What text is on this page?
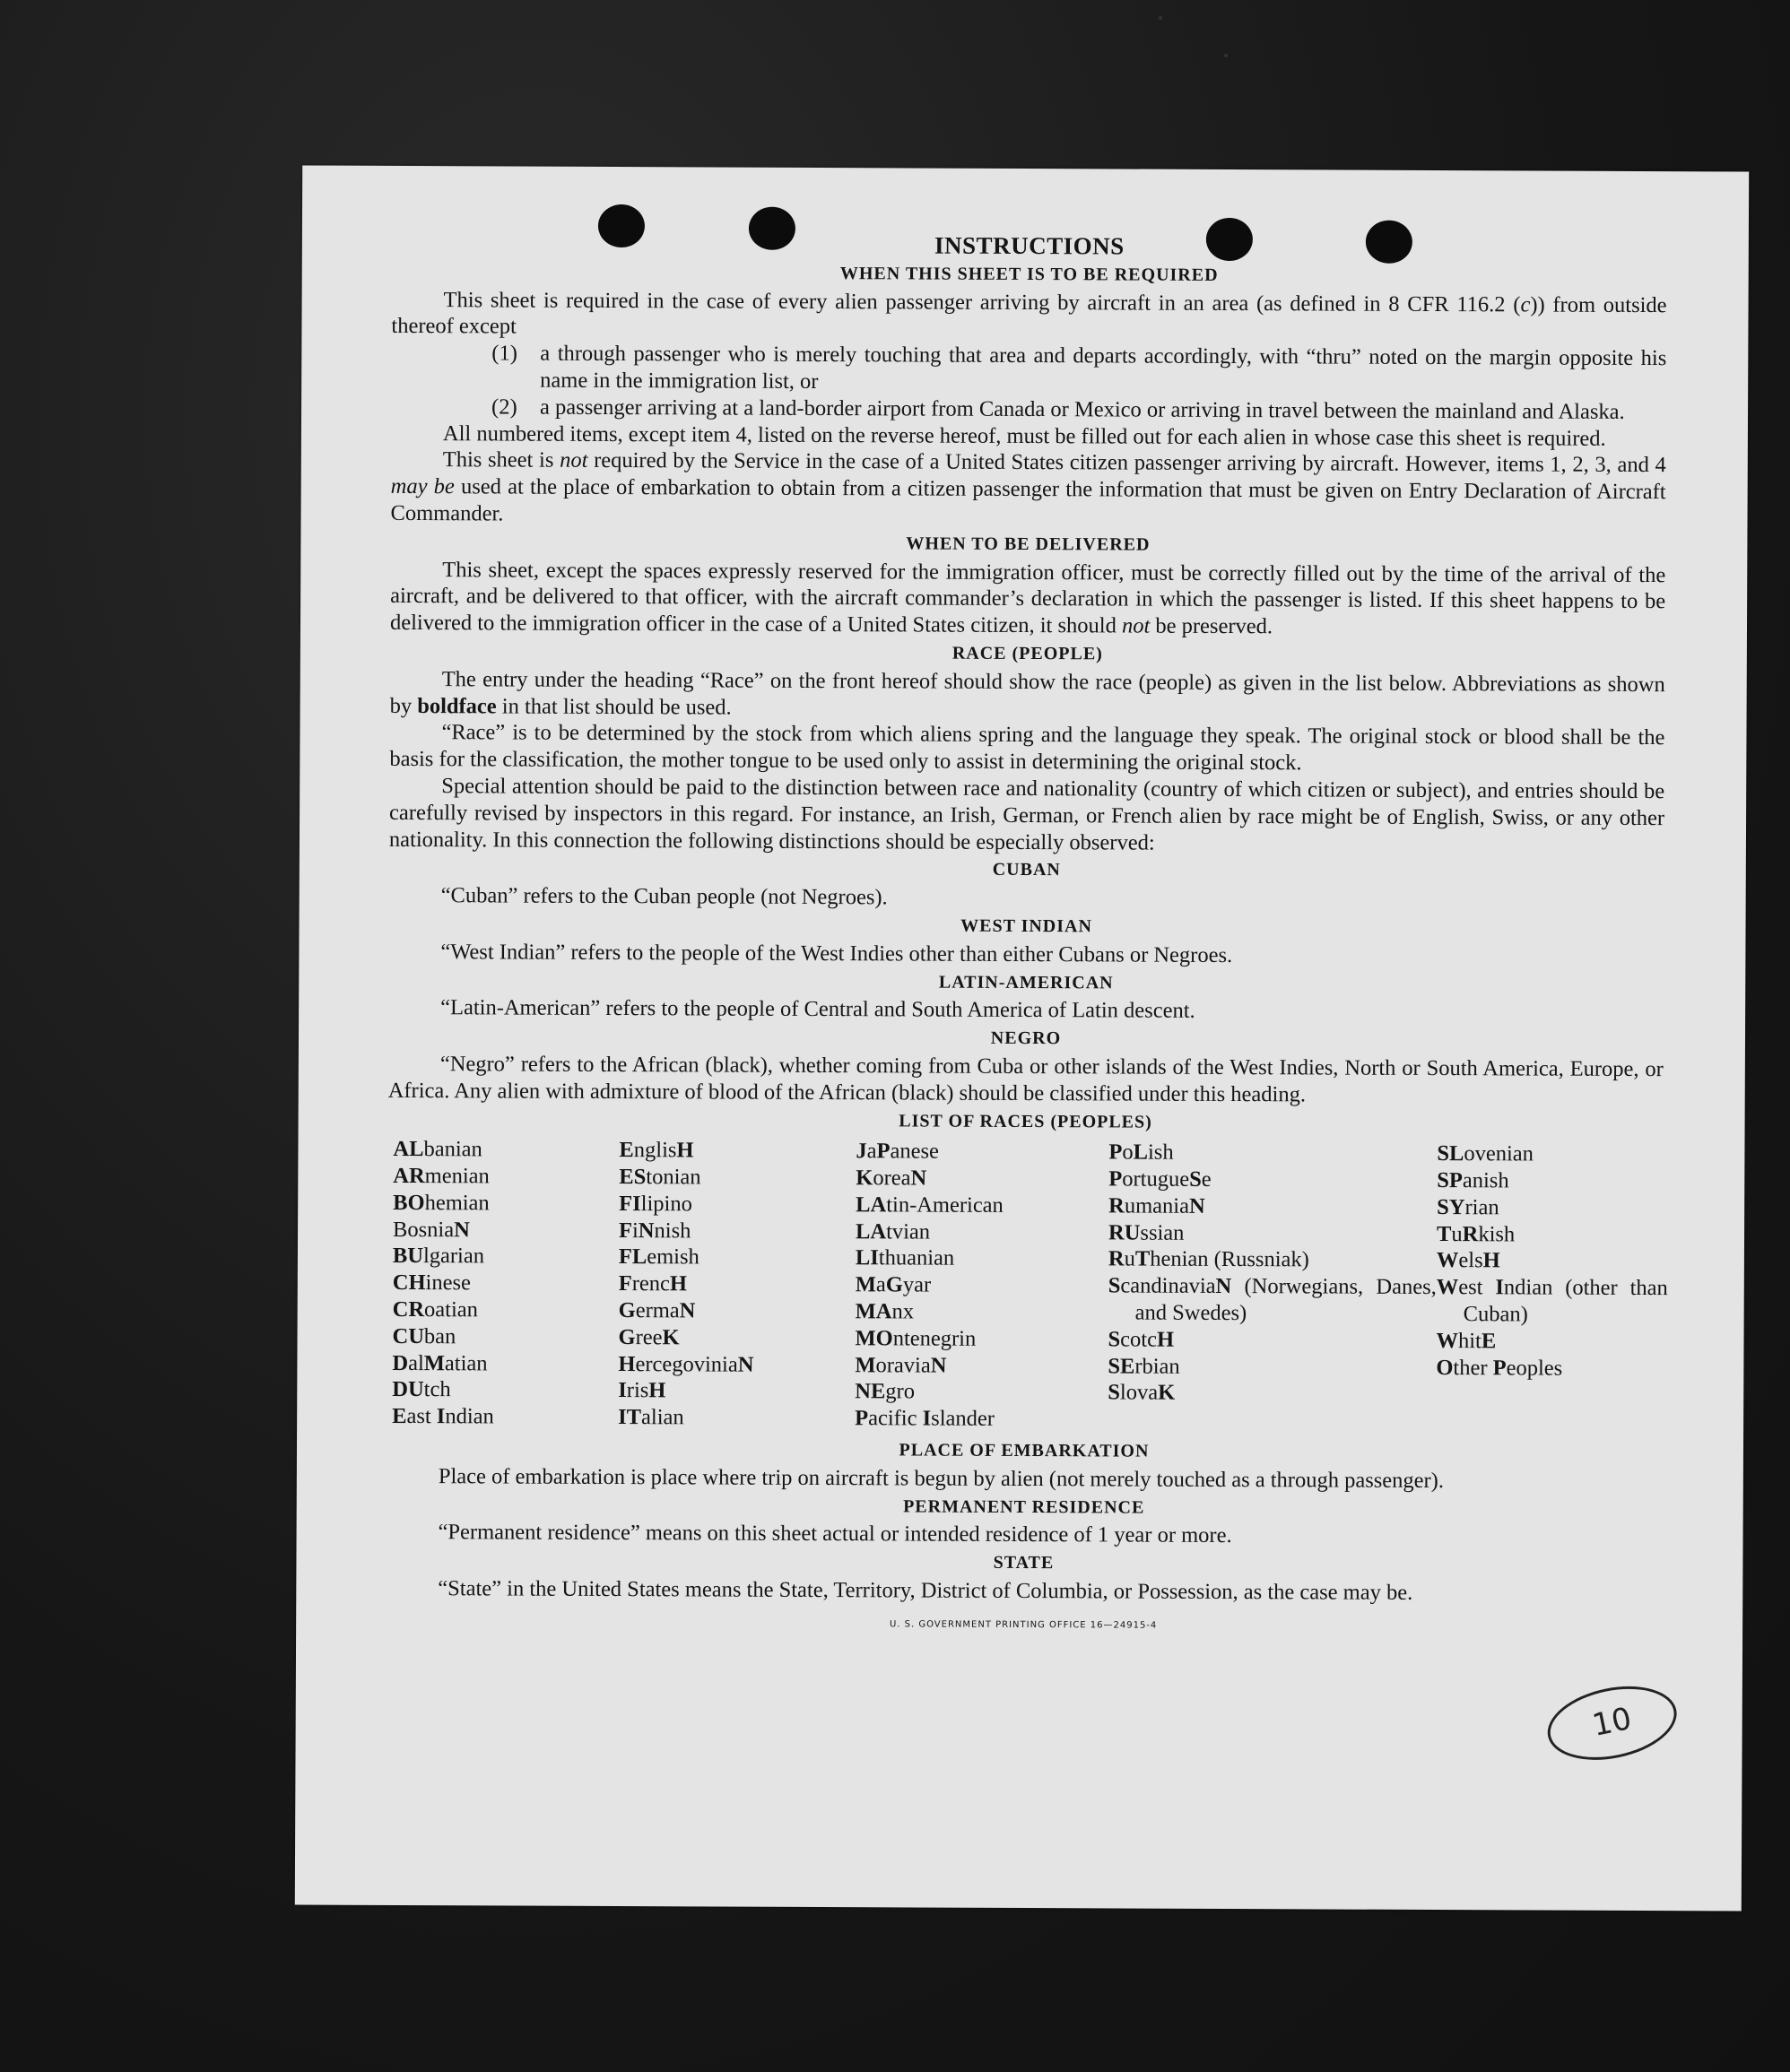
INSTRUCTIONS
WHEN THIS SHEET IS TO BE REQUIRED

This sheet is required in the case of every alien passenger arriving by aircraft in an area (as defined in 8 CFR 116.2 (c)) from outside thereof except

(1)	a through passenger who is merely touching that area and departs accordingly, with “thru” noted on the margin opposite his name in the immigration list, or
(2)	a passenger arriving at a land-border airport from Canada or Mexico or arriving in travel between the mainland and Alaska.

All numbered items, except item 4, listed on the reverse hereof, must be filled out for each alien in whose case this sheet is required.

This sheet is not required by the Service in the case of a United States citizen passenger arriving by aircraft. However, items 1, 2, 3, and 4 may be used at the place of embarkation to obtain from a citizen passenger the information that must be given on Entry Declaration of Aircraft Commander.

WHEN TO BE DELIVERED

This sheet, except the spaces expressly reserved for the immigration officer, must be correctly filled out by the time of the arrival of the aircraft, and be delivered to that officer, with the aircraft commander’s declaration in which the passenger is listed. If this sheet happens to be delivered to the immigration officer in the case of a United States citizen, it should not be preserved.

RACE (PEOPLE)

The entry under the heading “Race” on the front hereof should show the race (people) as given in the list below. Abbreviations as shown by boldface in that list should be used.

“Race” is to be determined by the stock from which aliens spring and the language they speak. The original stock or blood shall be the basis for the classification, the mother tongue to be used only to assist in determining the original stock.

Special attention should be paid to the distinction between race and nationality (country of which citizen or subject), and entries should be carefully revised by inspectors in this regard. For instance, an Irish, German, or French alien by race might be of English, Swiss, or any other nationality. In this connection the following distinctions should be especially observed:

CUBAN

“Cuban” refers to the Cuban people (not Negroes).

WEST INDIAN

“West Indian” refers to the people of the West Indies other than either Cubans or Negroes.

LATIN-AMERICAN

“Latin-American” refers to the people of Central and South America of Latin descent.

NEGRO

“Negro” refers to the African (black), whether coming from Cuba or other islands of the West Indies, North or South America, Europe, or Africa. Any alien with admixture of blood of the African (black) should be classified under this heading.

LIST OF RACES (PEOPLES)
ALbanian
ARmenian
BOhemian
BosniaN
BUlgarian
CHinese
CRoatian
CUban
DalMatian
DUtch
East Indian
EnglisH
EStonian
FIlipino
FiNnish
FLemish
FrencH
GermaN
GreeK
HercegoviniaN
IrisH
ITalian
JaPanese
KoreaN
LAtin-American
LAtvian
LIthuanian
MaGyar
MAnx
MOntenegrin
MoraviaN
NEgro
Pacific Islander
PoLish
PortugueSe
RumaniaN
RUssian
RuThenian (Russniak)
ScandinaviaN (Norwegians, Danes, and Swedes)
ScotcH
SErbian
SlovaK
SLovenian
SPanish
SYrian
TuRkish
WelsH
West Indian (other than Cuban)
WhitE
Other Peoples
PLACE OF EMBARKATION

Place of embarkation is place where trip on aircraft is begun by alien (not merely touched as a through passenger).

PERMANENT RESIDENCE

“Permanent residence” means on this sheet actual or intended residence of 1 year or more.

STATE

“State” in the United States means the State, Territory, District of Columbia, or Possession, as the case may be.

U. S. GOVERNMENT PRINTING OFFICE 16—24915-4
10
